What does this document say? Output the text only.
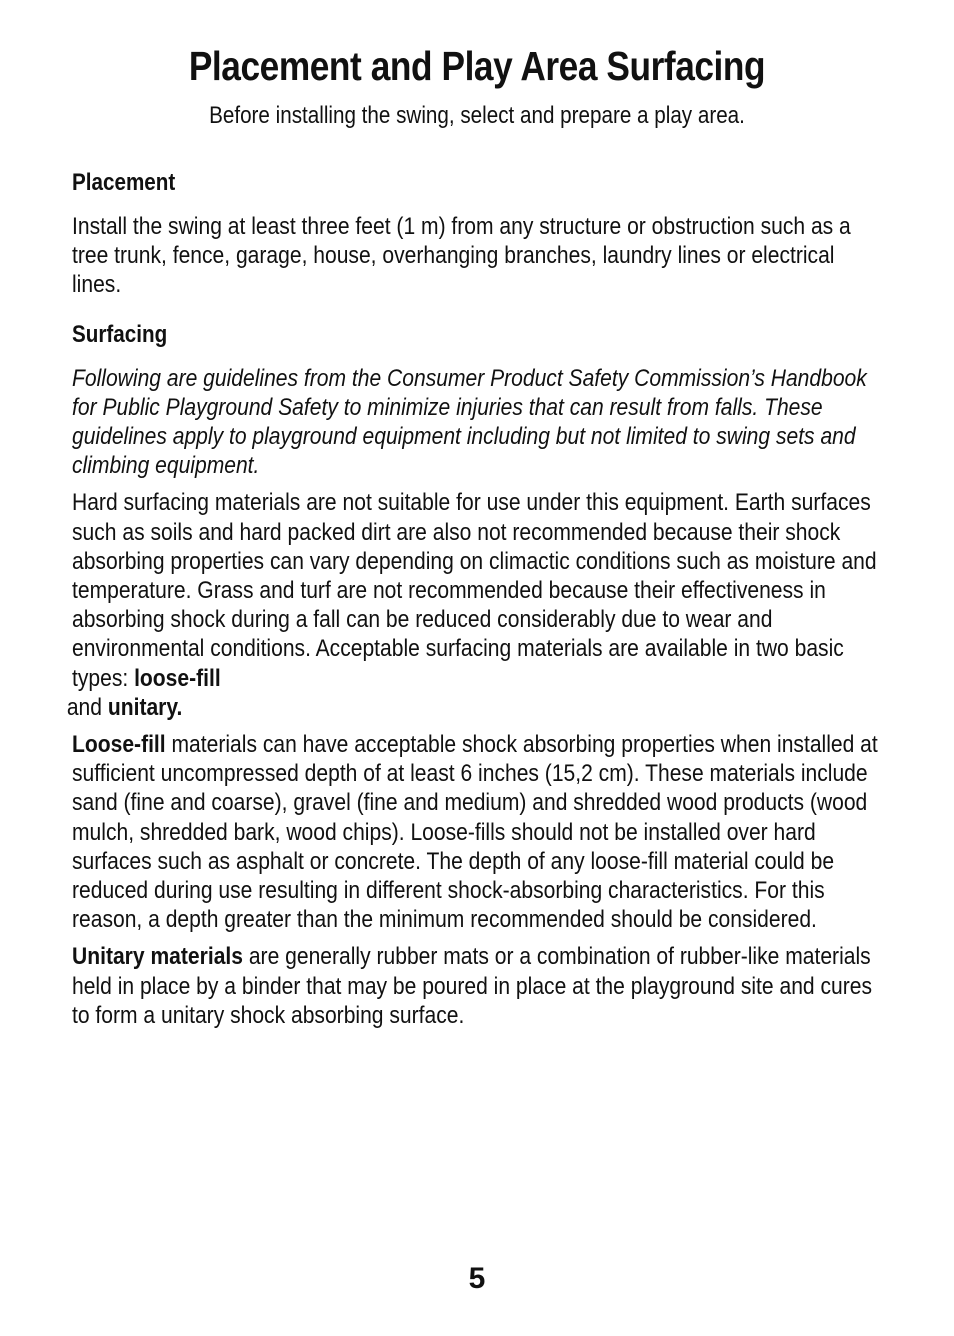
Placement and Play Area Surfacing

Before installing the swing, select and prepare a play area.

Placement

Install the swing at least three feet (1 m) from any structure or obstruction such as a tree trunk, fence, garage, house, overhanging branches, laundry lines or electrical lines.

Surfacing

Following are guidelines from the Consumer Product Safety Commission’s Handbook for Public Playground Safety to minimize injuries that can result from falls. These guidelines apply to playground equipment including but not limited to swing sets and climbing equipment.

Hard surfacing materials are not suitable for use under this equipment. Earth surfaces such as soils and hard packed dirt are also not recommended because their shock absorbing properties can vary depending on climactic conditions such as moisture and temperature. Grass and turf are not recommended because their effectiveness in absorbing shock during a fall can be reduced considerably due to wear and environmental conditions. Acceptable surfacing materials are available in two basic types: loose-fill
and unitary.

Loose-fill materials can have acceptable shock absorbing properties when installed at sufficient uncompressed depth of at least 6 inches (15,2 cm). These materials include sand (fine and coarse), gravel (fine and medium) and shredded wood products (wood mulch, shredded bark, wood chips). Loose-fills should not be installed over hard surfaces such as asphalt or concrete. The depth of any loose-fill material could be reduced during use resulting in different shock-absorbing characteristics. For this reason, a depth greater than the minimum recommended should be considered.

Unitary materials are generally rubber mats or a combination of rubber-like materials held in place by a binder that may be poured in place at the playground site and cures to form a unitary shock absorbing surface.

5
